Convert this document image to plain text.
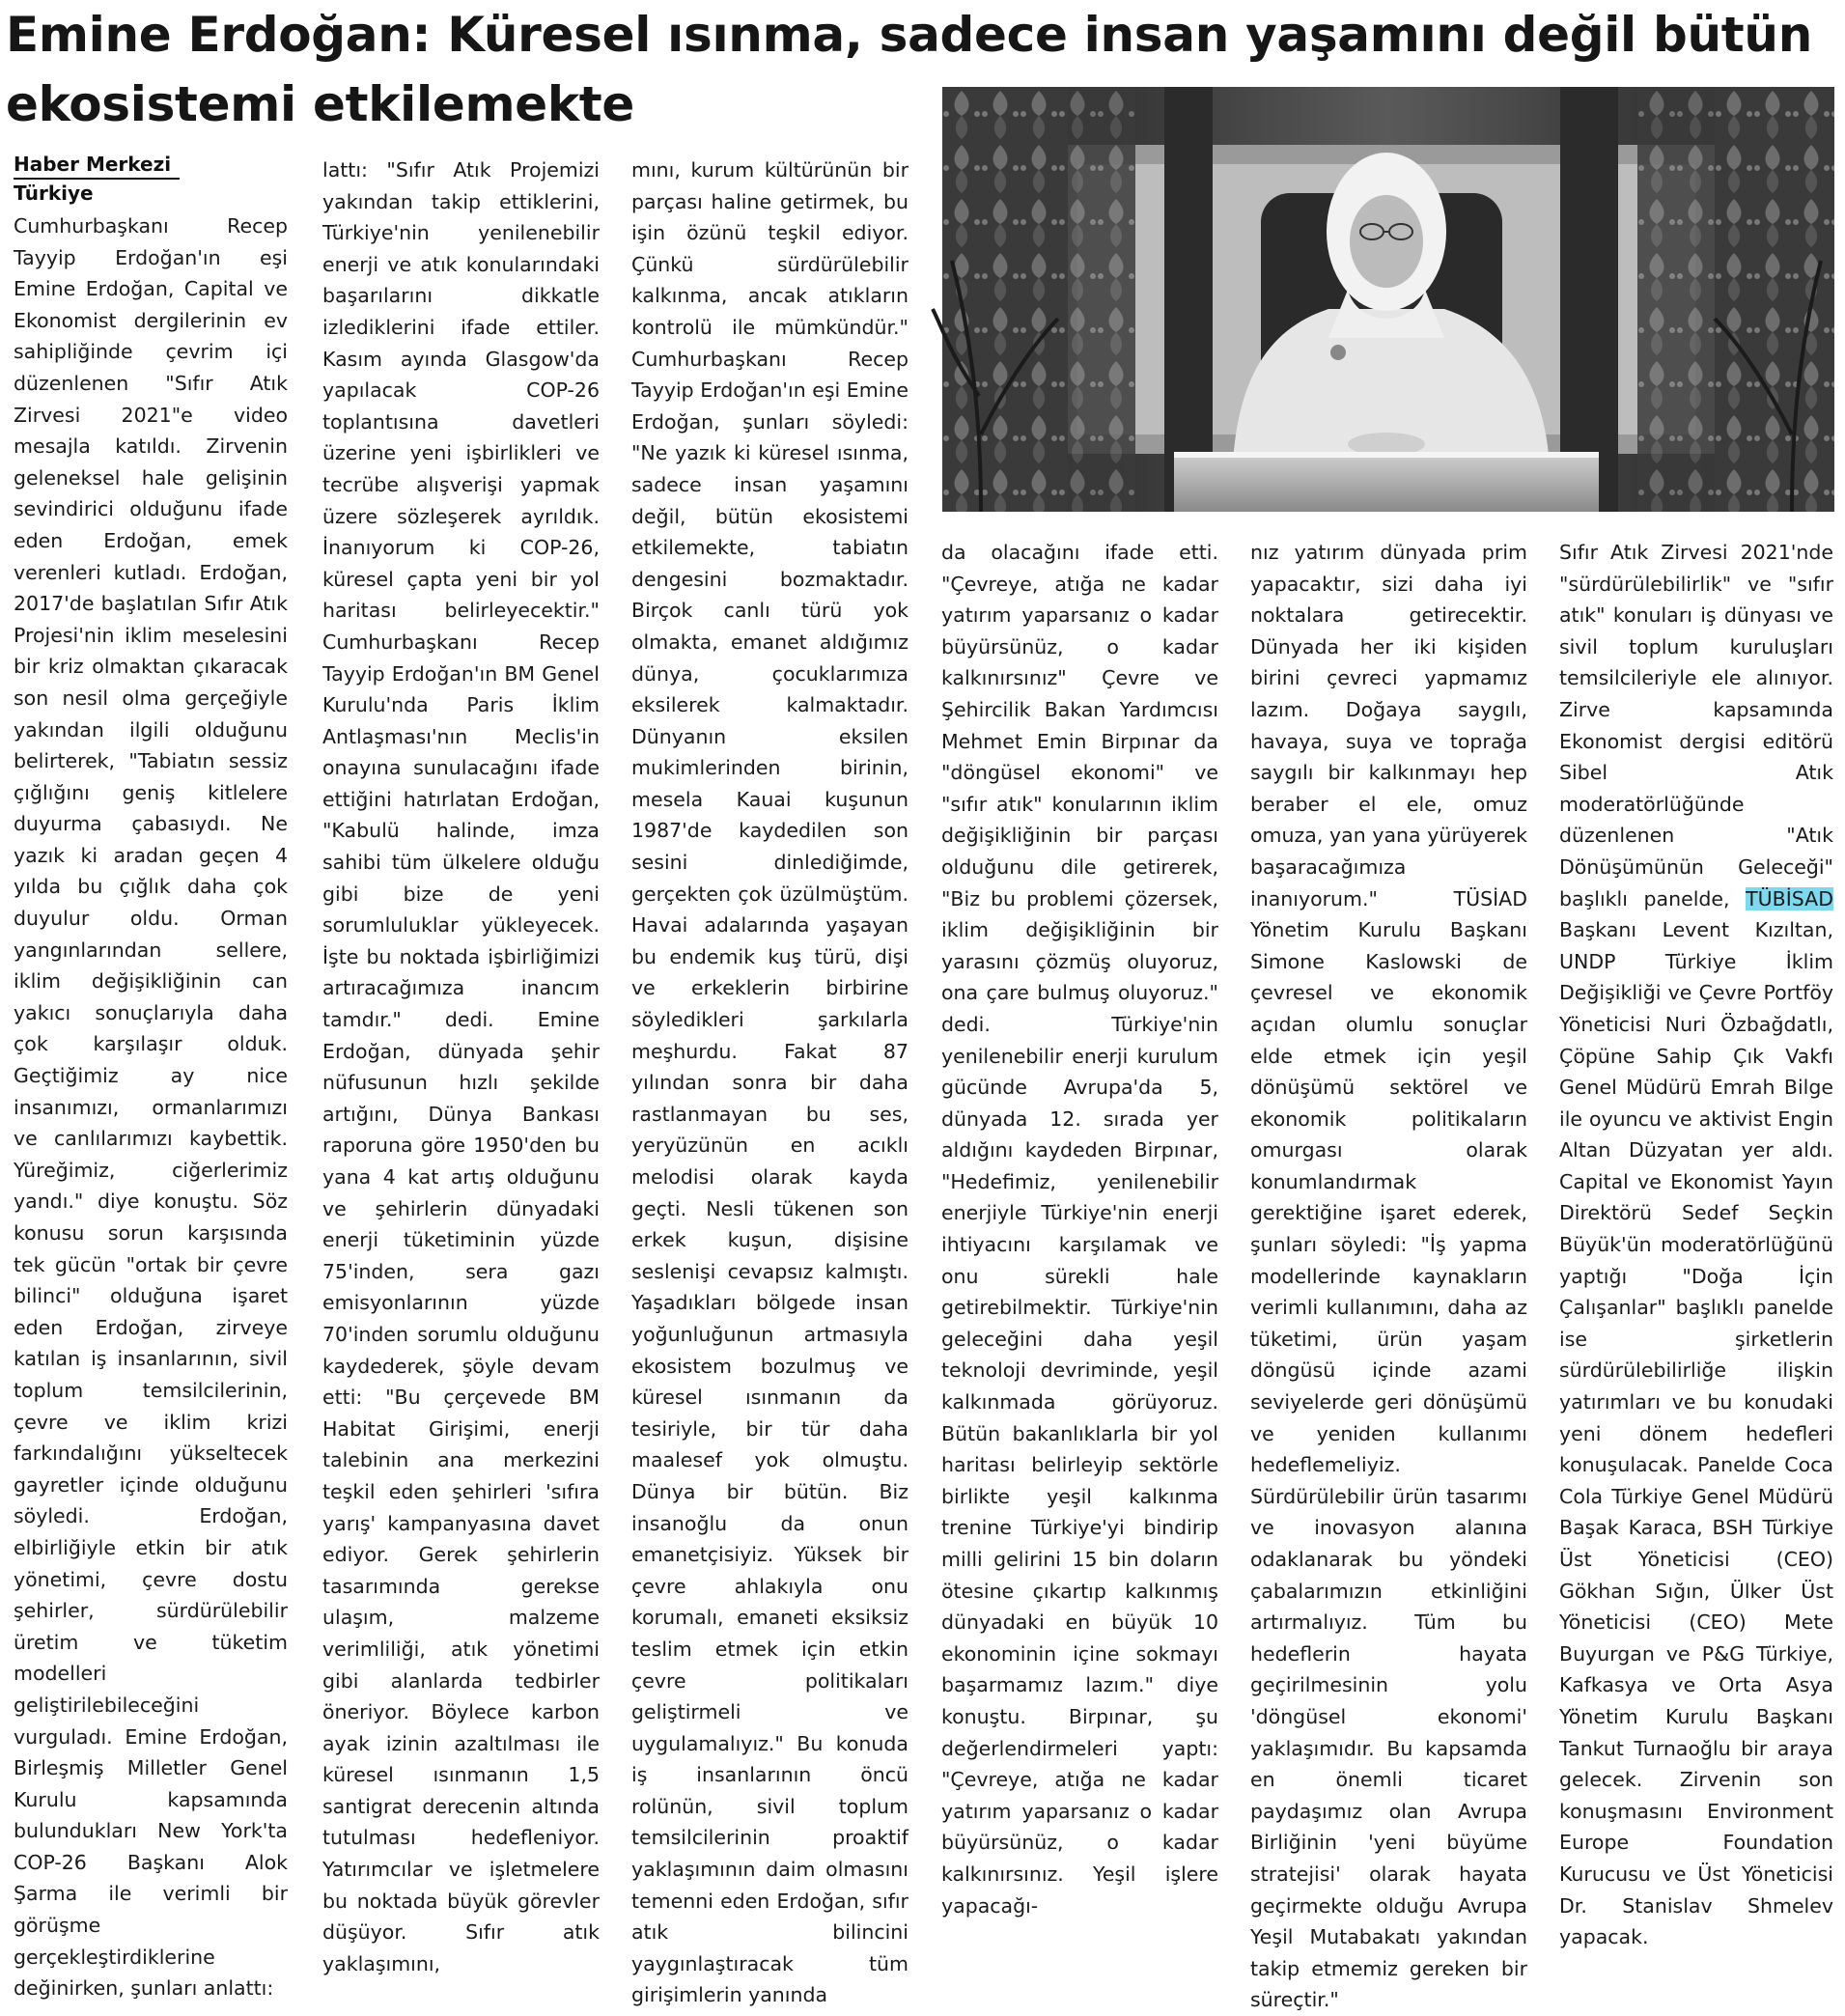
Emine Erdoğan: Küresel ısınma, sadece insan yaşamını değil bütün ekosistemi etkilemekte
Haber Merkezi
Türkiye
Cumhurbaşkanı Recep Tayyip Erdoğan'ın eşi Emine Erdoğan, Capital ve Ekonomist dergilerinin ev sahipliğinde çevrim içi düzenlenen "Sıfır Atık Zirvesi 2021"e video mesajla katıldı. Zirvenin geleneksel hale gelişinin sevindirici olduğunu ifade eden Erdoğan, emek verenleri kutladı. Erdoğan, 2017'de başlatılan Sıfır Atık Projesi'nin iklim meselesini bir kriz olmaktan çıkaracak son nesil olma gerçeğiyle yakından ilgili olduğunu belirterek, "Tabiatın sessiz çığlığını geniş kitlelere duyurma çabasıydı. Ne yazık ki aradan geçen 4 yılda bu çığlık daha çok duyulur oldu. Orman yangınlarından sellere, iklim değişikliğinin can yakıcı sonuçlarıyla daha çok karşılaşır olduk. Geçtiğimiz ay nice insanımızı, ormanlarımızı ve canlılarımızı kaybettik. Yüreğimiz, ciğerlerimiz yandı." diye konuştu. Söz konusu sorun karşısında tek gücün "ortak bir çevre bilinci" olduğuna işaret eden Erdoğan, zirveye katılan iş insanlarının, sivil toplum temsilcilerinin, çevre ve iklim krizi farkındalığını yükseltecek gayretler içinde olduğunu söyledi. Erdoğan, elbirliğiyle etkin bir atık yönetimi, çevre dostu şehirler, sürdürülebilir üretim ve tüketim modelleri geliştirilebileceğini vurguladı. Emine Erdoğan, Birleşmiş Milletler Genel Kurulu kapsamında bulundukları New York'ta COP-26 Başkanı Alok Şarma ile verimli bir görüşme gerçekleştirdiklerine değinirken, şunları anlattı:
lattı: "Sıfır Atık Projemizi yakından takip ettiklerini, Türkiye'nin yenilenebilir enerji ve atık konularındaki başarılarını dikkatle izlediklerini ifade ettiler. Kasım ayında Glasgow'da yapılacak COP-26 toplantısına davetleri üzerine yeni işbirlikleri ve tecrübe alışverişi yapmak üzere sözleşerek ayrıldık. İnanıyorum ki COP-26, küresel çapta yeni bir yol haritası belirleyecektir." Cumhurbaşkanı Recep Tayyip Erdoğan'ın BM Genel Kurulu'nda Paris İklim Antlaşması'nın Meclis'in onayına sunulacağını ifade ettiğini hatırlatan Erdoğan, "Kabulü halinde, imza sahibi tüm ülkelere olduğu gibi bize de yeni sorumluluklar yükleyecek. İşte bu noktada işbirliğimizi artıracağımıza inancım tamdır." dedi. Emine Erdoğan, dünyada şehir nüfusunun hızlı şekilde artığını, Dünya Bankası raporuna göre 1950'den bu yana 4 kat artış olduğunu ve şehirlerin dünyadaki enerji tüketiminin yüzde 75'inden, sera gazı emisyonlarının yüzde 70'inden sorumlu olduğunu kaydederek, şöyle devam etti: "Bu çerçevede BM Habitat Girişimi, enerji talebinin ana merkezini teşkil eden şehirleri 'sıfıra yarış' kampanyasına davet ediyor. Gerek şehirlerin tasarımında gerekse ulaşım, malzeme verimliliği, atık yönetimi gibi alanlarda tedbirler öneriyor. Böylece karbon ayak izinin azaltılması ile küresel ısınmanın 1,5 santigrat derecenin altında tutulması hedefleniyor. Yatırımcılar ve işletmelere bu noktada büyük görevler düşüyor. Sıfır atık yaklaşımını,
mını, kurum kültürünün bir parçası haline getirmek, bu işin özünü teşkil ediyor. Çünkü sürdürülebilir kalkınma, ancak atıkların kontrolü ile mümkündür." Cumhurbaşkanı Recep Tayyip Erdoğan'ın eşi Emine Erdoğan, şunları söyledi: "Ne yazık ki küresel ısınma, sadece insan yaşamını değil, bütün ekosistemi etkilemekte, tabiatın dengesini bozmaktadır. Birçok canlı türü yok olmakta, emanet aldığımız dünya, çocuklarımıza eksilerek kalmaktadır. Dünyanın eksilen mukimlerinden birinin, mesela Kauai kuşunun 1987'de kaydedilen son sesini dinlediğimde, gerçekten çok üzülmüştüm. Havai adalarında yaşayan bu endemik kuş türü, dişi ve erkeklerin birbirine söyledikleri şarkılarla meşhurdu. Fakat 87 yılından sonra bir daha rastlanmayan bu ses, yeryüzünün en acıklı melodisi olarak kayda geçti. Nesli tükenen son erkek kuşun, dişisine seslenişi cevapsız kalmıştı. Yaşadıkları bölgede insan yoğunluğunun artmasıyla ekosistem bozulmuş ve küresel ısınmanın da tesiriyle, bir tür daha maalesef yok olmuştu. Dünya bir bütün. Biz insanoğlu da onun emanetçisiyiz. Yüksek bir çevre ahlakıyla onu korumalı, emaneti eksiksiz teslim etmek için etkin çevre politikaları geliştirmeli ve uygulamalıyız." Bu konuda iş insanlarının öncü rolünün, sivil toplum temsilcilerinin proaktif yaklaşımının daim olmasını temenni eden Erdoğan, sıfır atık bilincini yaygınlaştıracak tüm girişimlerin yanında
da olacağını ifade etti. "Çevreye, atığa ne kadar yatırım yaparsanız o kadar büyürsünüz, o kadar kalkınırsınız" Çevre ve Şehircilik Bakan Yardımcısı Mehmet Emin Birpınar da "döngüsel ekonomi" ve "sıfır atık" konularının iklim değişikliğinin bir parçası olduğunu dile getirerek, "Biz bu problemi çözersek, iklim değişikliğinin bir yarasını çözmüş oluyoruz, ona çare bulmuş oluyoruz." dedi. Türkiye'nin yenilenebilir enerji kurulum gücünde Avrupa'da 5, dünyada 12. sırada yer aldığını kaydeden Birpınar, "Hedefimiz, yenilenebilir enerjiyle Türkiye'nin enerji ihtiyacını karşılamak ve onu sürekli hale getirebilmektir. Türkiye'nin geleceğini daha yeşil teknoloji devriminde, yeşil kalkınmada görüyoruz. Bütün bakanlıklarla bir yol haritası belirleyip sektörle birlikte yeşil kalkınma trenine Türkiye'yi bindirip milli gelirini 15 bin doların ötesine çıkartıp kalkınmış dünyadaki en büyük 10 ekonominin içine sokmayı başarmamız lazım." diye konuştu. Birpınar, şu değerlendirmeleri yaptı: "Çevreye, atığa ne kadar yatırım yaparsanız o kadar büyürsünüz, o kadar kalkınırsınız. Yeşil işlere yapacağı-
nız yatırım dünyada prim yapacaktır, sizi daha iyi noktalara getirecektir. Dünyada her iki kişiden birini çevreci yapmamız lazım. Doğaya saygılı, havaya, suya ve toprağa saygılı bir kalkınmayı hep beraber el ele, omuz omuza, yan yana yürüyerek başaracağımıza inanıyorum." TÜSİAD Yönetim Kurulu Başkanı Simone Kaslowski de çevresel ve ekonomik açıdan olumlu sonuçlar elde etmek için yeşil dönüşümü sektörel ve ekonomik politikaların omurgası olarak konumlandırmak gerektiğine işaret ederek, şunları söyledi: "İş yapma modellerinde kaynakların verimli kullanımını, daha az tüketimi, ürün yaşam döngüsü içinde azami seviyelerde geri dönüşümü ve yeniden kullanımı hedeflemeliyiz. Sürdürülebilir ürün tasarımı ve inovasyon alanına odaklanarak bu yöndeki çabalarımızın etkinliğini artırmalıyız. Tüm bu hedeflerin hayata geçirilmesinin yolu 'döngüsel ekonomi' yaklaşımıdır. Bu kapsamda en önemli ticaret paydaşımız olan Avrupa Birliğinin 'yeni büyüme stratejisi' olarak hayata geçirmekte olduğu Avrupa Yeşil Mutabakatı yakından takip etmemiz gereken bir süreçtir."
Sıfır Atık Zirvesi 2021'nde "sürdürülebilirlik" ve "sıfır atık" konuları iş dünyası ve sivil toplum kuruluşları temsilcileriyle ele alınıyor. Zirve kapsamında Ekonomist dergisi editörü Sibel Atık moderatörlüğünde düzenlenen "Atık Dönüşümünün Geleceği" başlıklı panelde, TÜBİSAD Başkanı Levent Kızıltan, UNDP Türkiye İklim Değişikliği ve Çevre Portföy Yöneticisi Nuri Özbağdatlı, Çöpüne Sahip Çık Vakfı Genel Müdürü Emrah Bilge ile oyuncu ve aktivist Engin Altan Düzyatan yer aldı. Capital ve Ekonomist Yayın Direktörü Sedef Seçkin Büyük'ün moderatörlüğünü yaptığı "Doğa İçin Çalışanlar" başlıklı panelde ise şirketlerin sürdürülebilirliğe ilişkin yatırımları ve bu konudaki yeni dönem hedefleri konuşulacak. Panelde Coca Cola Türkiye Genel Müdürü Başak Karaca, BSH Türkiye Üst Yöneticisi (CEO) Gökhan Sığın, Ülker Üst Yöneticisi (CEO) Mete Buyurgan ve P&G Türkiye, Kafkasya ve Orta Asya Yönetim Kurulu Başkanı Tankut Turnaoğlu bir araya gelecek. Zirvenin son konuşmasını Environment Europe Foundation Kurucusu ve Üst Yöneticisi Dr. Stanislav Shmelev yapacak.
